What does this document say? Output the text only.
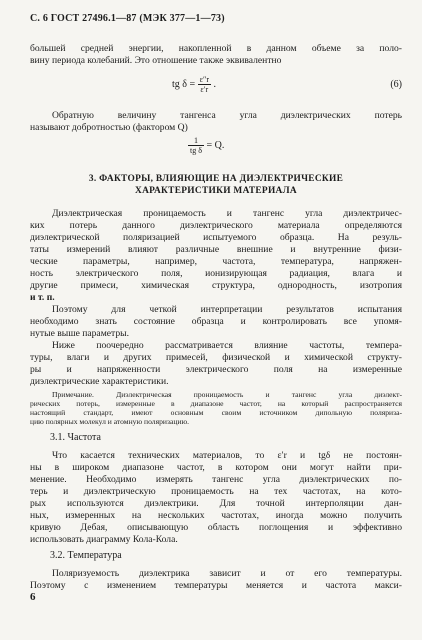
С. 6 ГОСТ 27496.1—87 (МЭК 377—1—73)
большей средней энергии, накопленной в данном объеме за поло-
вину периода колебаний. Это отношение также эквивалентно
tg $\delta = \frac{\varepsilon''r}{\varepsilon'r}$ .	(6)
Обратную величину тангенса угла диэлектрических потерь
называют добротностью (фактором Q)
$\frac{1}{\text{tg δ}} = Q$.
3. ФАКТОРЫ, ВЛИЯЮЩИЕ НА ДИЭЛЕКТРИЧЕСКИЕ
ХАРАКТЕРИСТИКИ МАТЕРИАЛА
Диэлектрическая проницаемость и тангенс угла диэлектричес-
ких потерь данного диэлектрического материала определяются
диэлектрической поляризацией испытуемого образца. На резуль-
таты измерений влияют различные внешние и внутренние физи-
ческие параметры, например, частота, температура, напряжен-
ность электрического поля, ионизирующая радиация, влага и
другие примеси, химическая структура, однородность, изотропия
и т. п.
Поэтому для четкой интерпретации результатов испытания
необходимо знать состояние образца и контролировать все упомя-
нутые выше параметры.
Ниже поочередно рассматривается влияние частоты, темпера-
туры, влаги и других примесей, физической и химической структу-
ры и напряженности электрического поля на измеренные
диэлектрические характеристики.
Примечание. Диэлектрическая проницаемость и тангенс угла диэлект-
рических потерь, измеренные в диапазоне частот, на который распространяется
настоящий стандарт, имеют основным своим источником дипольную поляриза-
цию полярных молекул и атомную поляризацию.
3.1. Частота
Что касается технических материалов, то ε′r и tgδ не постоян-
ны в широком диапазоне частот, в котором они могут найти при-
менение. Необходимо измерять тангенс угла диэлектрических по-
терь и диэлектрическую проницаемость на тех частотах, на кото-
рых используются диэлектрики. Для точной интерполяции дан-
ных, измеренных на нескольких частотах, иногда можно получить
кривую Дебая, описывающую область поглощения и эффективно
использовать диаграмму Кола-Кола.
3.2. Температура
Поляризуемость диэлектрика зависит и от его температуры.
Поэтому с изменением температуры меняется и частота макси-
6
